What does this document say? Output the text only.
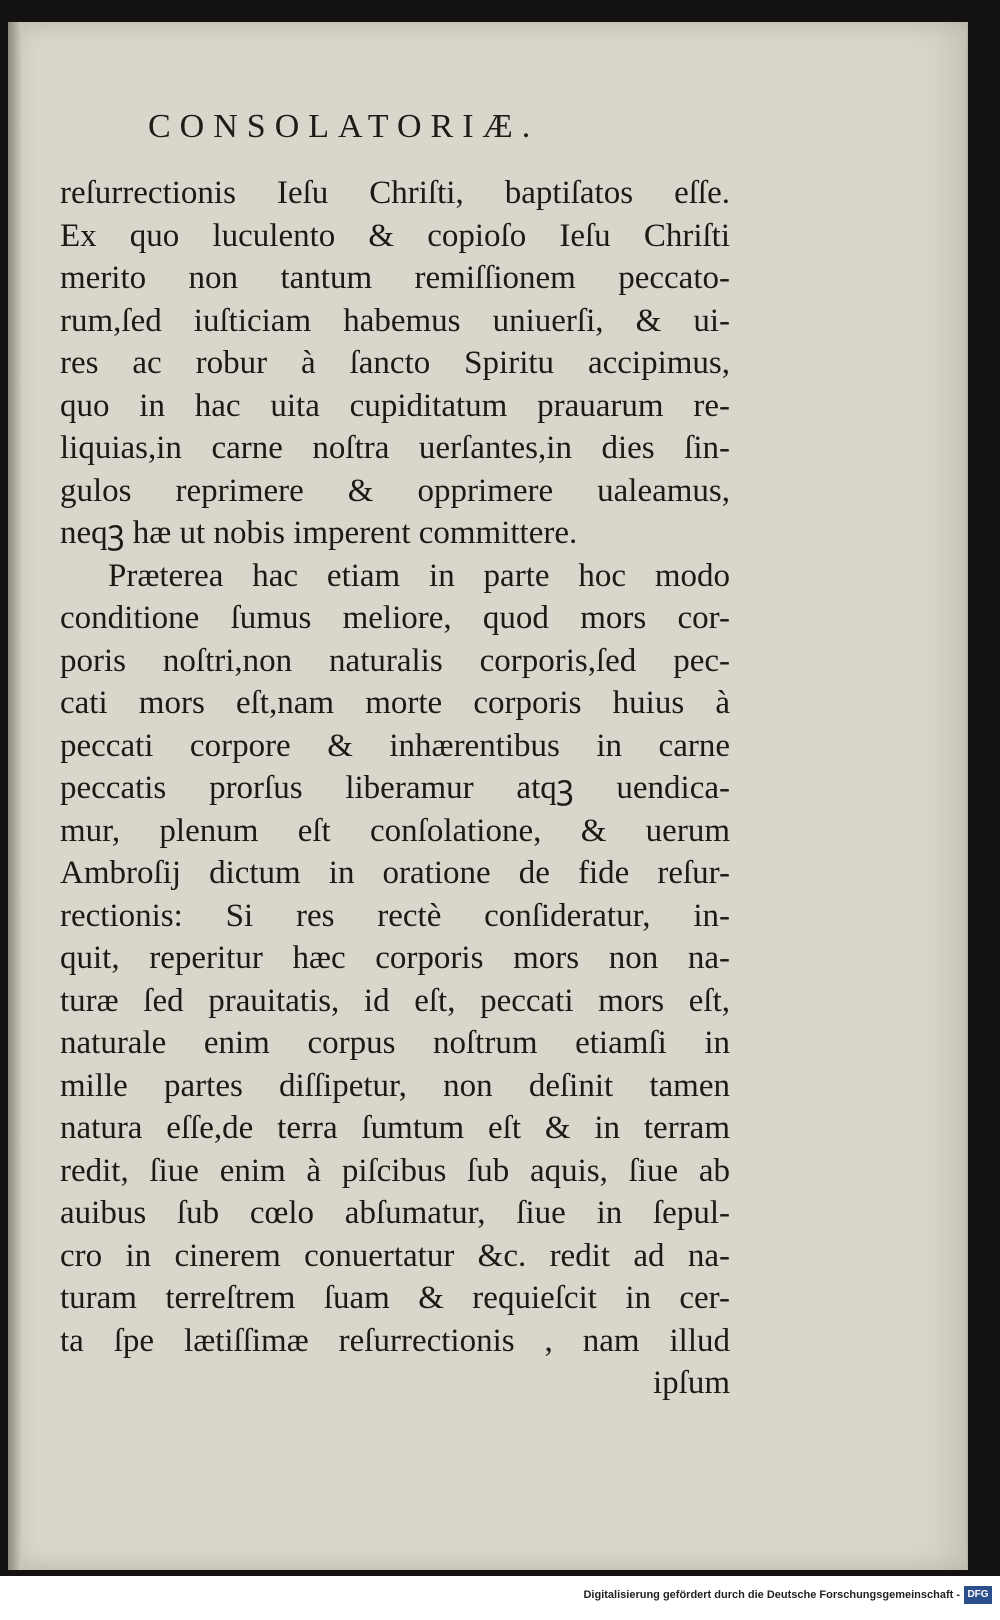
CONSOLATORIÆ.
reſurrectionis Ieſu Chriſti, baptiſatos eſſe.
Ex quo luculento & copioſo Ieſu Chriſti
merito non tantum remiſſionem peccato-
rum,ſed iuſticiam habemus uniuerſi, & ui-
res ac robur à ſancto Spiritu accipimus,
quo in hac uita cupiditatum prauarum re-
liquias,in carne noſtra uerſantes,in dies ſin-
gulos reprimere & opprimere ualeamus,
neqꝫ hæ ut nobis imperent committere.
Præterea hac etiam in parte hoc modo
conditione ſumus meliore, quod mors cor-
poris noſtri,non naturalis corporis,ſed pec-
cati mors eſt,nam morte corporis huius à
peccati corpore & inhærentibus in carne
peccatis prorſus liberamur atqꝫ uendica-
mur, plenum eſt conſolatione, & uerum
Ambroſij dictum in oratione de fide reſur-
rectionis: Si res rectè conſideratur, in-
quit, reperitur hæc corporis mors non na-
turæ ſed prauitatis, id eſt, peccati mors eſt,
naturale enim corpus noſtrum etiamſi in
mille partes diſſipetur, non deſinit tamen
natura eſſe,de terra ſumtum eſt & in terram
redit, ſiue enim à piſcibus ſub aquis, ſiue ab
auibus ſub cœlo abſumatur, ſiue in ſepul-
cro in cinerem conuertatur &c. redit ad na-
turam terreſtrem ſuam & requieſcit in cer-
ta ſpe lætiſſimæ reſurrectionis , nam illud
ipſum
Digitalisierung gefördert durch die Deutsche Forschungsgemeinschaft - DFG
